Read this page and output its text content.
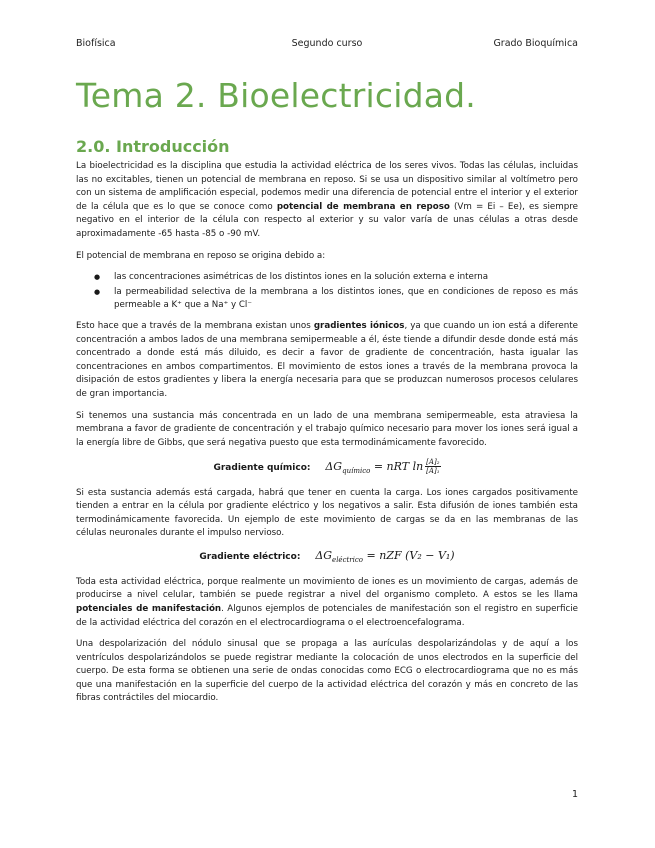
Biofísica	Segundo curso	Grado Bioquímica
Tema 2. Bioelectricidad.
2.0. Introducción

La bioelectricidad es la disciplina que estudia la actividad eléctrica de los seres vivos. Todas las células, incluidas las no excitables, tienen un potencial de membrana en reposo. Si se usa un dispositivo similar al voltímetro pero con un sistema de amplificación especial, podemos medir una diferencia de potencial entre el interior y el exterior de la célula que es lo que se conoce como potencial de membrana en reposo (Vm = Ei – Ee), es siempre negativo en el interior de la célula con respecto al exterior y su valor varía de unas células a otras desde aproximadamente -65 hasta -85 o -90 mV.

El potencial de membrana en reposo se origina debido a:

● las concentraciones asimétricas de los distintos iones en la solución externa e interna
● la permeabilidad selectiva de la membrana a los distintos iones, que en condiciones de reposo es más permeable a K⁺ que a Na⁺ y Cl⁻

Esto hace que a través de la membrana existan unos gradientes iónicos, ya que cuando un ion está a diferente concentración a ambos lados de una membrana semipermeable a él, éste tiende a difundir desde donde está más concentrado a donde está más diluido, es decir a favor de gradiente de concentración, hasta igualar las concentraciones en ambos compartimentos. El movimiento de estos iones a través de la membrana provoca la disipación de estos gradientes y libera la energía necesaria para que se produzcan numerosos procesos celulares de gran importancia.

Si tenemos una sustancia más concentrada en un lado de una membrana semipermeable, esta atraviesa la membrana a favor de gradiente de concentración y el trabajo químico necesario para mover los iones será igual a la energía libre de Gibbs, que será negativa puesto que esta termodinámicamente favorecido.

Gradiente químico: $\Delta G_{químico}$ = nRT $\ln \frac{\text{[A]₂}}{\text{[A]₁}}$

Si esta sustancia además está cargada, habrá que tener en cuenta la carga. Los iones cargados positivamente tienden a entrar en la célula por gradiente eléctrico y los negativos a salir. Esta difusión de iones también esta termodinámicamente favorecida. Un ejemplo de este movimiento de cargas se da en las membranas de las células neuronales durante el impulso nervioso.

Gradiente eléctrico: $\Delta G_{eléctrico}$ = nZF (V₂ − V₁)

Toda esta actividad eléctrica, porque realmente un movimiento de iones es un movimiento de cargas, además de producirse a nivel celular, también se puede registrar a nivel del organismo completo. A estos se les llama potenciales de manifestación. Algunos ejemplos de potenciales de manifestación son el registro en superficie de la actividad eléctrica del corazón en el electrocardiograma o el electroencefalograma.

Una despolarización del nódulo sinusal que se propaga a las aurículas despolarizándolas y de aquí a los ventrículos despolarizándolos se puede registrar mediante la colocación de unos electrodos en la superficie del cuerpo. De esta forma se obtienen una serie de ondas conocidas como ECG o electrocardiograma que no es más que una manifestación en la superficie del cuerpo de la actividad eléctrica del corazón y más en concreto de las fibras contráctiles del miocardio.

1
